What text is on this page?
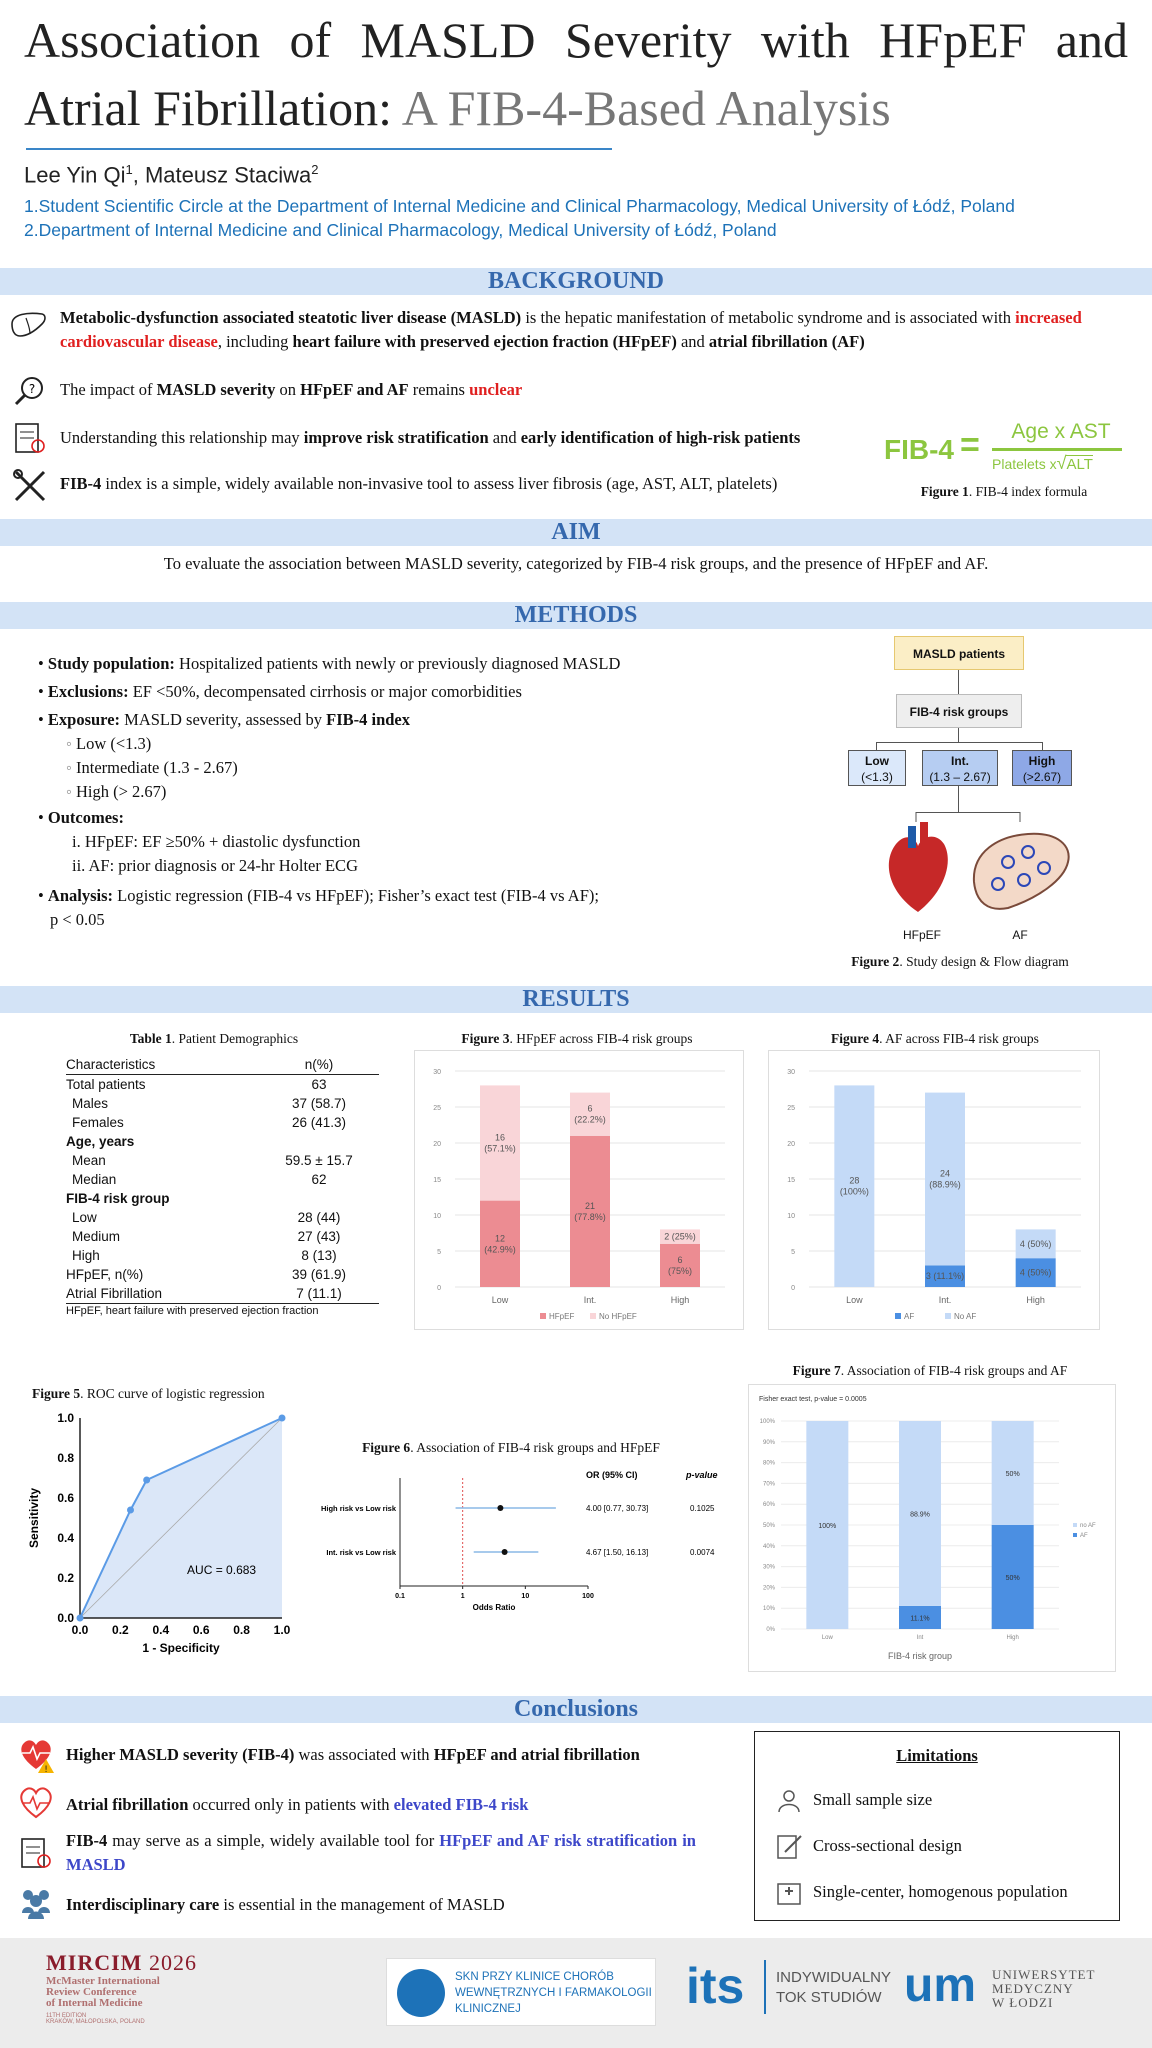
Association of MASLD Severity with HFpEF and
Atrial Fibrillation: A FIB-4-Based Analysis
Lee Yin Qi$^1$, Mateusz Staciwa$^2$
1.Student Scientific Circle at the Department of Internal Medicine and Clinical Pharmacology, Medical University of Łódź, Poland
2.Department of Internal Medicine and Clinical Pharmacology, Medical University of Łódź, Poland
BACKGROUND
Metabolic-dysfunction associated steatotic liver disease (MASLD) is the hepatic manifestation of metabolic syndrome and is associated with increased cardiovascular disease, including heart failure with preserved ejection fraction (HFpEF) and atrial fibrillation (AF)
? The impact of MASLD severity on HFpEF and AF remains unclear
Understanding this relationship may improve risk stratification and early identification of high-risk patients
FIB-4 index is a simple, widely available non-invasive tool to assess liver fibrosis (age, AST, ALT, platelets)
FIB-4 =	Age x AST
Platelets x√ALT
Figure 1. FIB-4 index formula
AIM
To evaluate the association between MASLD severity, categorized by FIB-4 risk groups, and the presence of HFpEF and AF.
METHODS
• Study population: Hospitalized patients with newly or previously diagnosed MASLD
• Exclusions: EF <50%, decompensated cirrhosis or major comorbidities
• Exposure: MASLD severity, assessed by FIB-4 index
◦ Low (<1.3)
◦ Intermediate (1.3 - 2.67)
◦ High (> 2.67)
• Outcomes:
i. HFpEF: EF ≥50% + diastolic dysfunction
ii. AF: prior diagnosis or 24-hr Holter ECG
• Analysis: Logistic regression (FIB-4 vs HFpEF); Fisher’s exact test (FIB-4 vs AF);
p < 0.05
MASLD patients
FIB-4 risk groups
Low
(<1.3)
Int.
(1.3 – 2.67)
High
(>2.67)
HFpEF	AF
Figure 2. Study design & Flow diagram
RESULTS
Table 1. Patient Demographics
Characteristics	n(%)
Total patients	63
Males	37 (58.7)
Females	26 (41.3)
Age, years	
Mean	59.5 ± 15.7
Median	62
FIB-4 risk group	
Low	28 (44)
Medium	27 (43)
High	8 (13)
HFpEF, n(%)	39 (61.9)
Atrial Fibrillation	7 (11.1)
HFpEF, heart failure with preserved ejection fraction
Figure 3. HFpEF across FIB-4 risk groups
0
5
10
15
20
25
30
12
(42.9%)
16
(57.1%)
Low
21
(77.8%)
6
(22.2%)
Int.
6
(75%)
2 (25%)
High
HFpEF	No HFpEF
Figure 4. AF across FIB-4 risk groups
0
5
10
15
20
25
30
28
(100%)
Low
3 (11.1%)
24
(88.9%)
Int.
4 (50%)
4 (50%)
High
AF	No AF
Figure 5. ROC curve of logistic regression
0.0
0.0
0.2
0.2
0.4
0.4
0.6
0.6
0.8
0.8
1.0
1.0
1 - Specificity
Sensitivity
AUC = 0.683
Figure 6. Association of FIB-4 risk groups and HFpEF
OR (95% CI)	p-value
0.1	1	10	100
Odds Ratio
High risk vs Low risk	4.00 [0.77, 30.73]	0.1025
Int. risk vs Low risk	4.67 [1.50, 16.13]	0.0074
Figure 7. Association of FIB-4 risk groups and AF
Fisher exact test, p-value = 0.0005
0%
10%
20%
30%
40%
50%
60%
70%
80%
90%
100%
100%
Low
11.1%
88.9%
Int
50%
50%
High
FIB-4 risk group
no AF
AF
Conclusions
!
Higher MASLD severity (FIB-4) was associated with HFpEF and atrial fibrillation
Atrial fibrillation occurred only in patients with elevated FIB-4 risk
FIB-4 may serve as a simple, widely available tool for HFpEF and AF risk stratification in MASLD
Interdisciplinary care is essential in the management of MASLD
Limitations
Small sample size
Cross-sectional design
Single-center, homogenous population
MIRCIM 2026
McMaster International
Review Conference
of Internal Medicine
11TH EDITION
KRAKÓW, MAŁOPOLSKA, POLAND
SKN PRZY KLINICE CHORÓB
WEWNĘTRZNYCH I FARMAKOLOGII
KLINICZNEJ	its INDYWIDUALNY
TOK STUDIÓW um UNIWERSYTET
MEDYCZNY
W ŁODZI
